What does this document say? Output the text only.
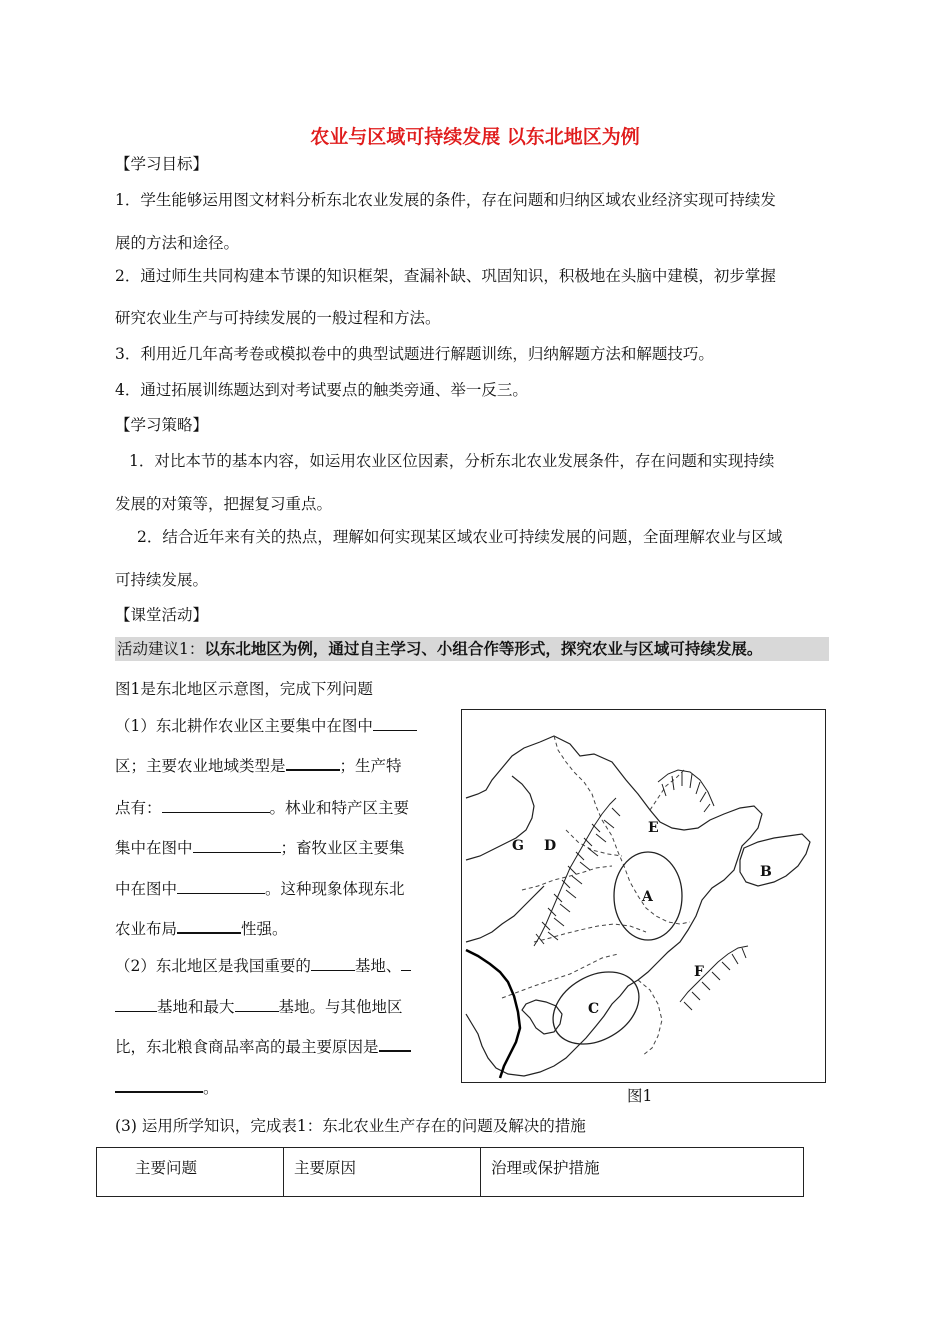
农业与区域可持续发展 以东北地区为例
【学习目标】
1．学生能够运用图文材料分析东北农业发展的条件，存在问题和归纳区域农业经济实现可持续发
展的方法和途径。
2．通过师生共同构建本节课的知识框架，查漏补缺、巩固知识，积极地在头脑中建模，初步掌握
研究农业生产与可持续发展的一般过程和方法。
3．利用近几年高考卷或模拟卷中的典型试题进行解题训练，归纳解题方法和解题技巧。
4．通过拓展训练题达到对考试要点的触类旁通、举一反三。
【学习策略】
1．对比本节的基本内容，如运用农业区位因素，分析东北农业发展条件，存在问题和实现持续
发展的对策等，把握复习重点。
2．结合近年来有关的热点，理解如何实现某区域农业可持续发展的问题，全面理解农业与区域
可持续发展。
【课堂活动】
活动建议1：以东北地区为例，通过自主学习、小组合作等形式，探究农业与区域可持续发展。
图1是东北地区示意图，完成下列问题
（1）东北耕作农业区主要集中在图中
区；主要农业地域类型是	；生产特
点有：	。林业和特产区主要
集中在图中	；畜牧业区主要集
中在图中	。这种现象体现东北
农业布局	性强。
（2）东北地区是我国重要的	基地、
基地和最大	基地。与其他地区
比，东北粮食商品率高的最主要原因是
。
A
B
C
D
E
F
G
图1
(3) 运用所学知识，完成表1：东北农业生产存在的问题及解决的措施
主要问题	主要原因	治理或保护措施
